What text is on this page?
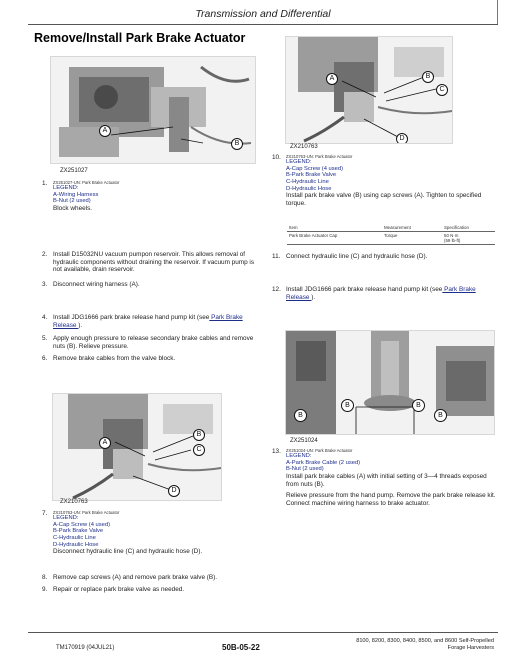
Transmission and Differential
Remove/Install Park Brake Actuator
A
B
ZX251027
1.	ZX251027-UN: Park Brake Actuator
LEGEND:
A-Wiring Harness
B-Nut (2 used)
Block wheels.
2. Install D15032NU vacuum pumpon reservoir. This allows removal of hydraulic components without draining the reservoir. If vacuum pump is not available, drain reservoir.
3. Disconnect wiring harness (A).
4. Install JDG1666 park brake release hand pump kit (see Park Brake Release ).
5. Apply enough pressure to release secondary brake cables and remove nuts (B). Relieve pressure.
6. Remove brake cables from the valve block.
A
B
C
D
ZX210763
7.	ZX210763-UN: Park Brake Actuator
LEGEND:
A-Cap Screw (4 used)
B-Park Brake Valve
C-Hydraulic Line
D-Hydraulic Hose
Disconnect hydraulic line (C) and hydraulic hose (D).
8. Remove cap screws (A) and remove park brake valve (B).
9. Repair or replace park brake valve as needed.
A	B
C
D
ZX210763
10. ZX210763-UN: Park Brake Actuator
LEGEND:
A-Cap Screw (4 used)
B-Park Brake Valve
C-Hydraulic Line
D-Hydraulic Hose
Install park brake valve (B) using cap screws (A). Tighten to specified torque.
Item	Measurement	Specification
Park Brake Actuator Cap	Torque	50 N·m
(59 lb-ft)
11. Connect hydraulic line (C) and hydraulic hose (D).
12. Install JDG1666 park brake release hand pump kit (see Park Brake Release ).
B	B
B	B
ZX251024
13. ZX251024-UN: Park Brake Actuator
LEGEND:
A-Park Brake Cable (2 used)
B-Nut (2 used)
Install park brake cables (A) with initial setting of 3—4 threads exposed from nuts (B).
Relieve pressure from the hand pump. Remove the park brake release kit. Connect machine wiring harness to brake actuator.
TM170919 (04JUL21)	50B-05-22
8100, 8200, 8300, 8400, 8500, and 8600 Self-Propelled
Forage Harvesters
